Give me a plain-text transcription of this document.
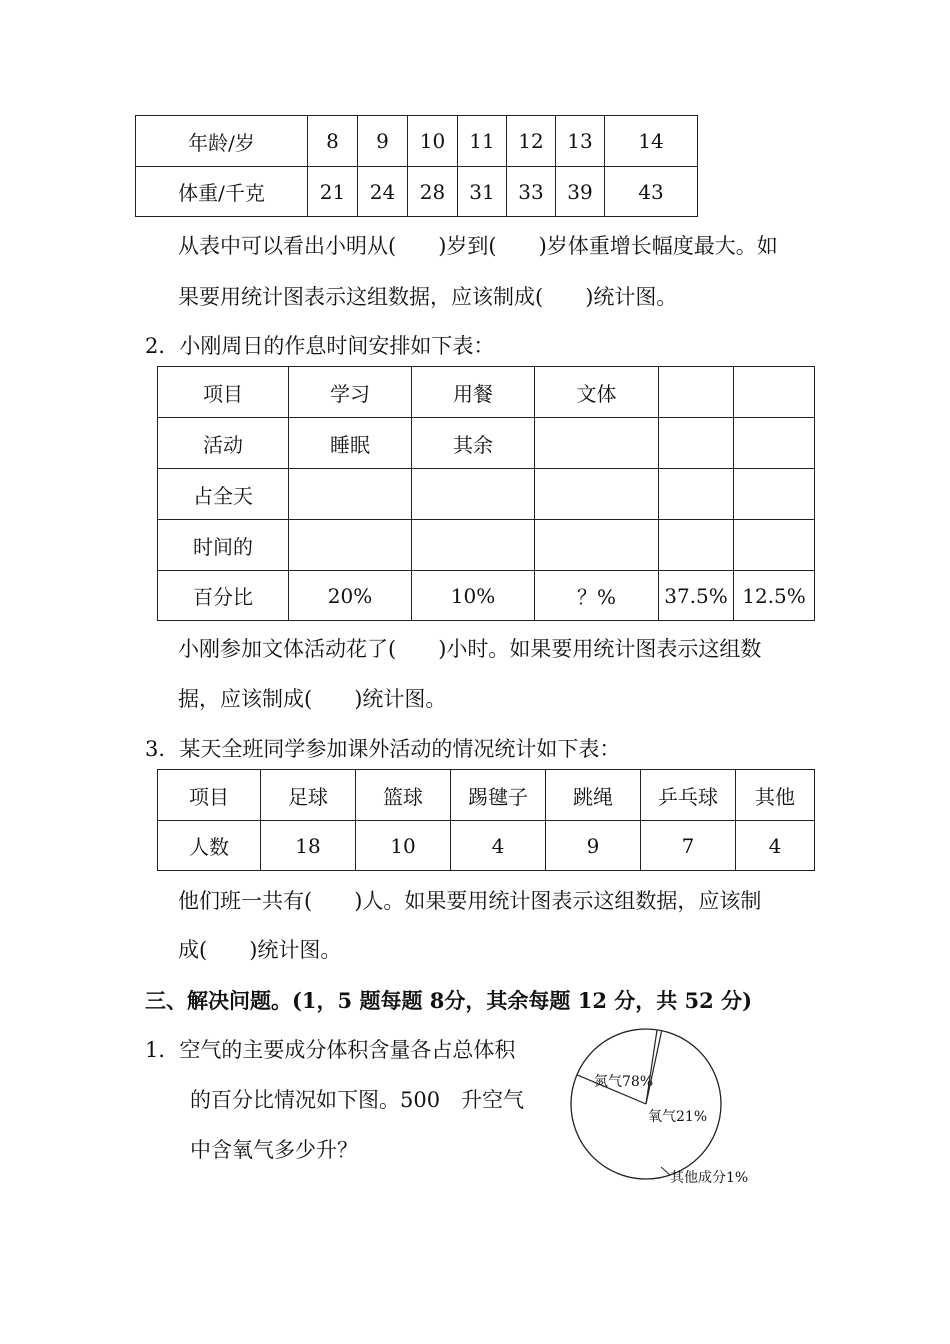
年龄/岁	8	9	10	11	12	13	14
体重/千克	21	24	28	31	33	39	43
从表中可以看出小明从(　　)岁到(　　)岁体重增长幅度最大。如
果要用统计图表示这组数据，应该制成(　　)统计图。
2．小刚周日的作息时间安排如下表：
项目	学习	用餐	文体		
活动	睡眠	其余			
占全天					
时间的					
百分比	20%	10%	？%	37.5%	12.5%
小刚参加文体活动花了(　　)小时。如果要用统计图表示这组数
据，应该制成(　　)统计图。
3．某天全班同学参加课外活动的情况统计如下表：
项目	足球	篮球	踢毽子	跳绳	乒乓球	其他
人数	18	10	4	9	7	4
他们班一共有(　　)人。如果要用统计图表示这组数据，应该制
成(　　)统计图。
三、解决问题。(1，5 题每题 8分，其余每题 12 分，共 52 分)
1．空气的主要成分体积含量各占总体积
的百分比情况如下图。500　升空气
中含氧气多少升？
氮气78%
氧气21%
其他成分1%
